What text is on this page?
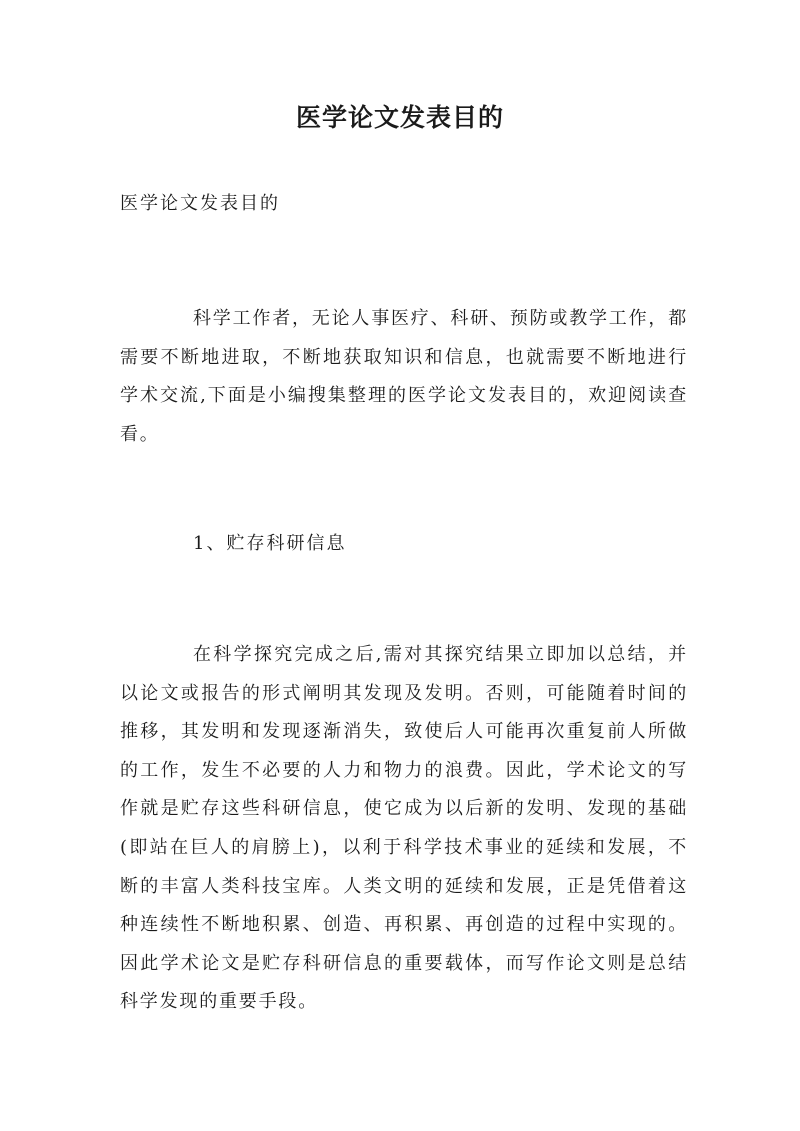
医学论文发表目的
医学论文发表目的

科学工作者，无论人事医疗、科研、预防或教学工作，都需要不断地进取，不断地获取知识和信息，也就需要不断地进行学术交流,下面是小编搜集整理的医学论文发表目的，欢迎阅读查看。

1、贮存科研信息

在科学探究完成之后,需对其探究结果立即加以总结，并以论文或报告的形式阐明其发现及发明。否则，可能随着时间的推移，其发明和发现逐渐消失，致使后人可能再次重复前人所做的工作，发生不必要的人力和物力的浪费。因此，学术论文的写作就是贮存这些科研信息，使它成为以后新的发明、发现的基础(即站在巨人的肩膀上)，以利于科学技术事业的延续和发展，不断的丰富人类科技宝库。人类文明的延续和发展，正是凭借着这种连续性不断地积累、创造、再积累、再创造的过程中实现的。因此学术论文是贮存科研信息的重要载体，而写作论文则是总结科学发现的重要手段。
